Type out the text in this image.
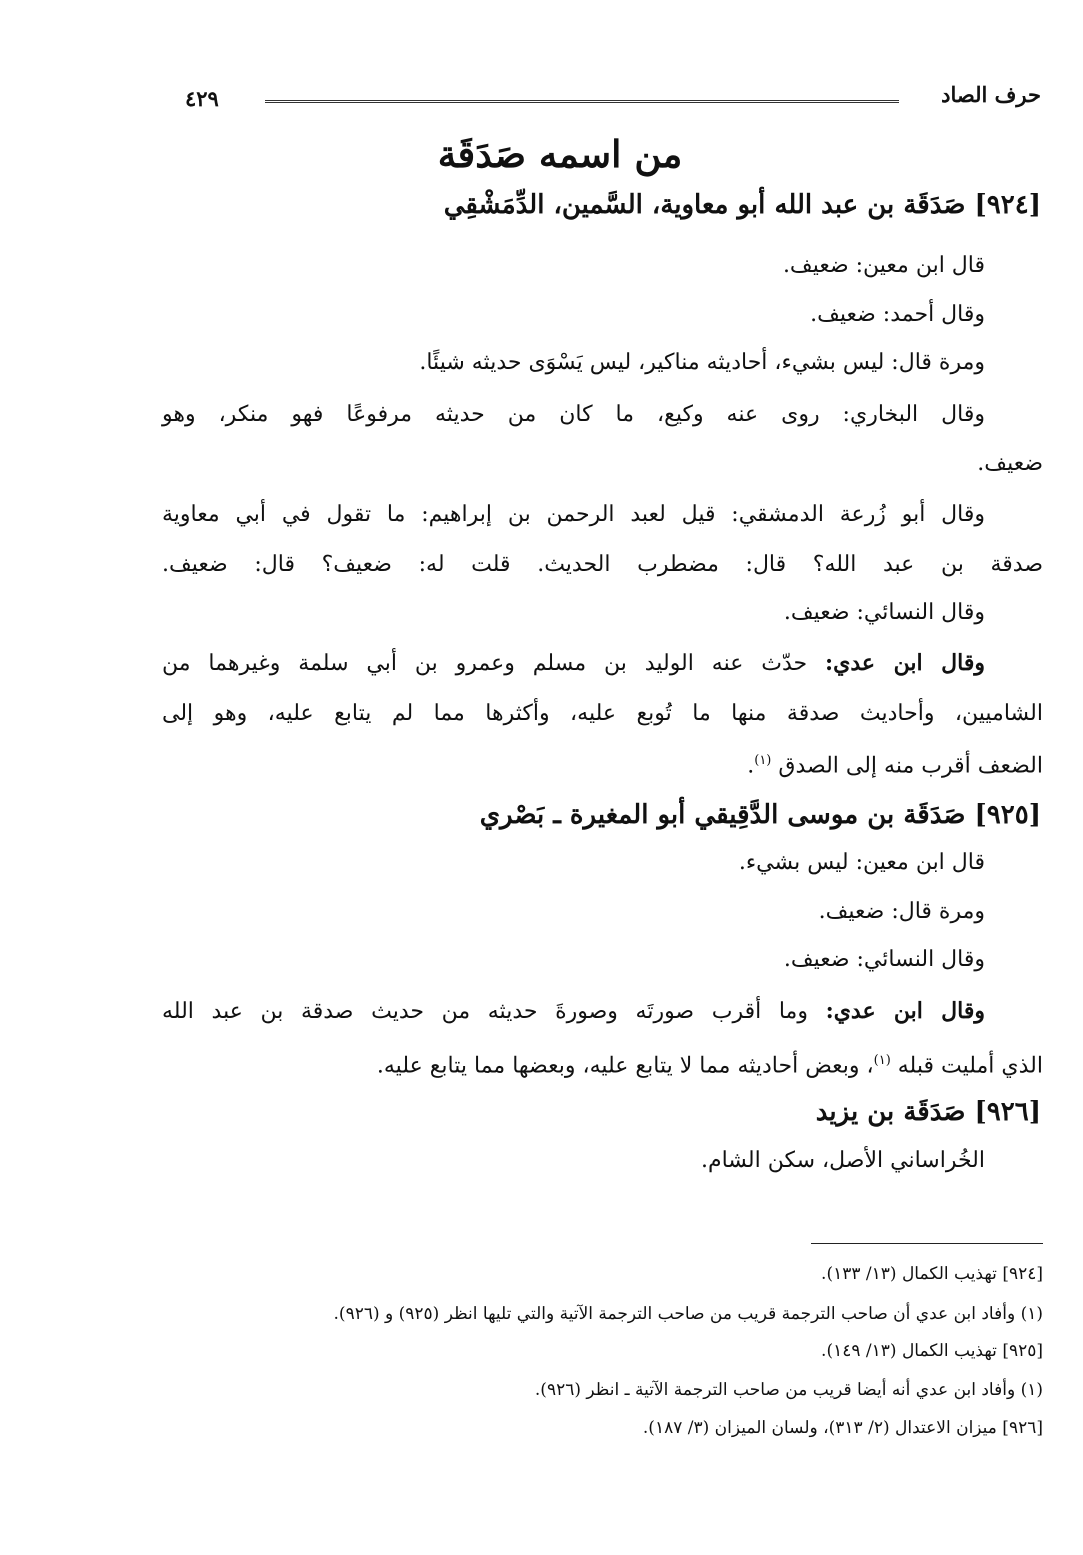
حرف الصاد
٤٢٩
من اسمه صَدَقَة
[٩٢٤] صَدَقَة بن عبد الله أبو معاوية، السَّمين، الدِّمَشْقِي
قال ابن معين: ضعيف.
وقال أحمد: ضعيف.
ومرة قال: ليس بشيء، أحاديثه مناكير، ليس يَسْوَى حديثه شيئًا.
وقال البخاري: روى عنه وكيع، ما كان من حديثه مرفوعًا فهو منكر، وهو
ضعيف.
وقال أبو زُرعة الدمشقي: قيل لعبد الرحمن بن إبراهيم: ما تقول في أبي معاوية
صدقة بن عبد الله؟ قال: مضطرب الحديث. قلت له: ضعيف؟ قال: ضعيف.
وقال النسائي: ضعيف.
وقال ابن عدي: حدّث عنه الوليد بن مسلم وعمرو بن أبي سلمة وغيرهما من
الشاميين، وأحاديث صدقة منها ما تُوبع عليه، وأكثرها مما لم يتابع عليه، وهو إلى
الضعف أقرب منه إلى الصدق $^{(١)}$.
[٩٢٥] صَدَقَة بن موسى الدَّقِيقي أبو المغيرة ـ بَصْري
قال ابن معين: ليس بشيء.
ومرة قال: ضعيف.
وقال النسائي: ضعيف.
وقال ابن عدي: وما أقرب صورتَه وصورةَ حديثه من حديث صدقة بن عبد الله
الذي أمليت قبله $^{(١)}$، وبعض أحاديثه مما لا يتابع عليه، وبعضها مما يتابع عليه.
[٩٢٦] صَدَقَة بن يزيد
الخُراساني الأصل، سكن الشام.
[٩٢٤] تهذيب الكمال (١٣/ ١٣٣).
(١) وأفاد ابن عدي أن صاحب الترجمة قريب من صاحب الترجمة الآتية والتي تليها انظر (٩٢٥) و (٩٢٦).
[٩٢٥] تهذيب الكمال (١٣/ ١٤٩).
(١) وأفاد ابن عدي أنه أيضا قريب من صاحب الترجمة الآتية ـ انظر (٩٢٦).
[٩٢٦] ميزان الاعتدال (٢/ ٣١٣)، ولسان الميزان (٣/ ١٨٧).
